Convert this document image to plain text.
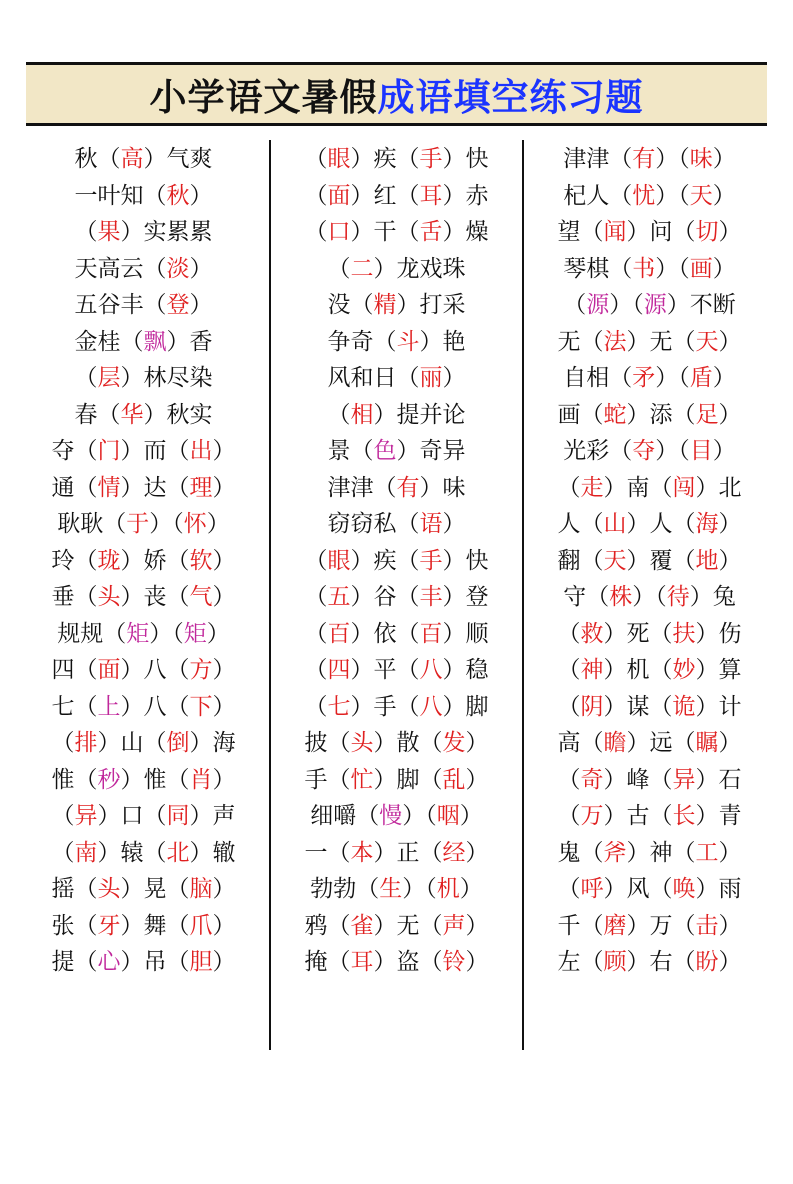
小学语文暑假 成语填空练习题
秋（高）气爽
一叶知（秋）
（果）实累累
天高云（淡）
五谷丰（登）
金桂（飘）香
（层）林尽染
春（华）秋实
夺（门）而（出）
通（情）达（理）
耿耿（于）（怀）
玲（珑）娇（软）
垂（头）丧（气）
规规（矩）（矩）
四（面）八（方）
七（上）八（下）
（排）山（倒）海
惟（秒）惟（肖）
（异）口（同）声
（南）辕（北）辙
摇（头）晃（脑）
张（牙）舞（爪）
提（心）吊（胆）
（眼）疾（手）快
（面）红（耳）赤
（口）干（舌）燥
（二）龙戏珠
没（精）打采
争奇（斗）艳
风和日（丽）
（相）提并论
景（色）奇异
津津（有）味
窃窃私（语）
（眼）疾（手）快
（五）谷（丰）登
（百）依（百）顺
（四）平（八）稳
（七）手（八）脚
披（头）散（发）
手（忙）脚（乱）
细嚼（慢）（咽）
一（本）正（经）
勃勃（生）（机）
鸦（雀）无（声）
掩（耳）盗（铃）
津津（有）（味）
杞人（忧）（天）
望（闻）问（切）
琴棋（书）（画）
（源）（源）不断
无（法）无（天）
自相（矛）（盾）
画（蛇）添（足）
光彩（夺）（目）
（走）南（闯）北
人（山）人（海）
翻（天）覆（地）
守（株）（待）兔
（救）死（扶）伤
（神）机（妙）算
（阴）谋（诡）计
高（瞻）远（瞩）
（奇）峰（异）石
（万）古（长）青
鬼（斧）神（工）
（呼）风（唤）雨
千（磨）万（击）
左（顾）右（盼）
